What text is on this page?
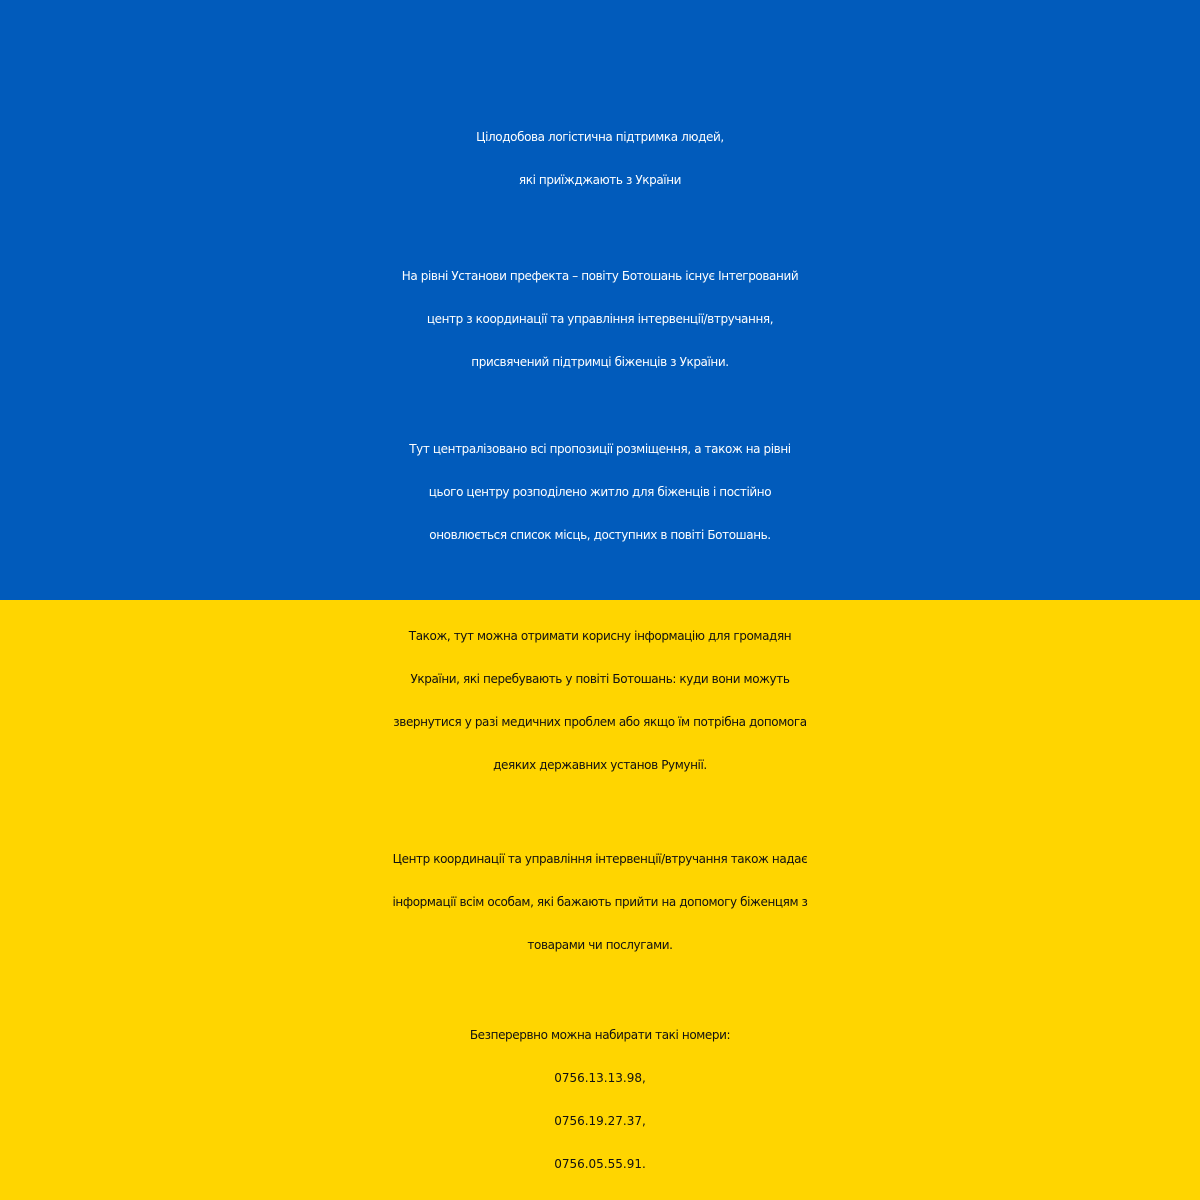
Цілодобова логістична підтримка людей,
які приїжджають з України

На рівні Установи префекта – повіту Ботошань існує Інтегрований
центр з координації та управління інтервенції/втручання,
присвячений підтримці біженців з України.

Тут централізовано всі пропозиції розміщення, а також на рівні
цього центру розподілено житло для біженців і постійно
оновлюється список місць, доступних в повіті Ботошань.

Також, тут можна отримати корисну інформацію для громадян
України, які перебувають у повіті Ботошань: куди вони можуть
звернутися у разі медичних проблем або якщо їм потрібна допомога
деяких державних установ Румунії.

Центр координації та управління інтервенції/втручання також надає
інформації всім особам, які бажають прийти на допомогу біженцям з
товарами чи послугами.

Безперервно можна набирати такі номери:
0756.13.13.98,
0756.19.27.37,
0756.05.55.91.
